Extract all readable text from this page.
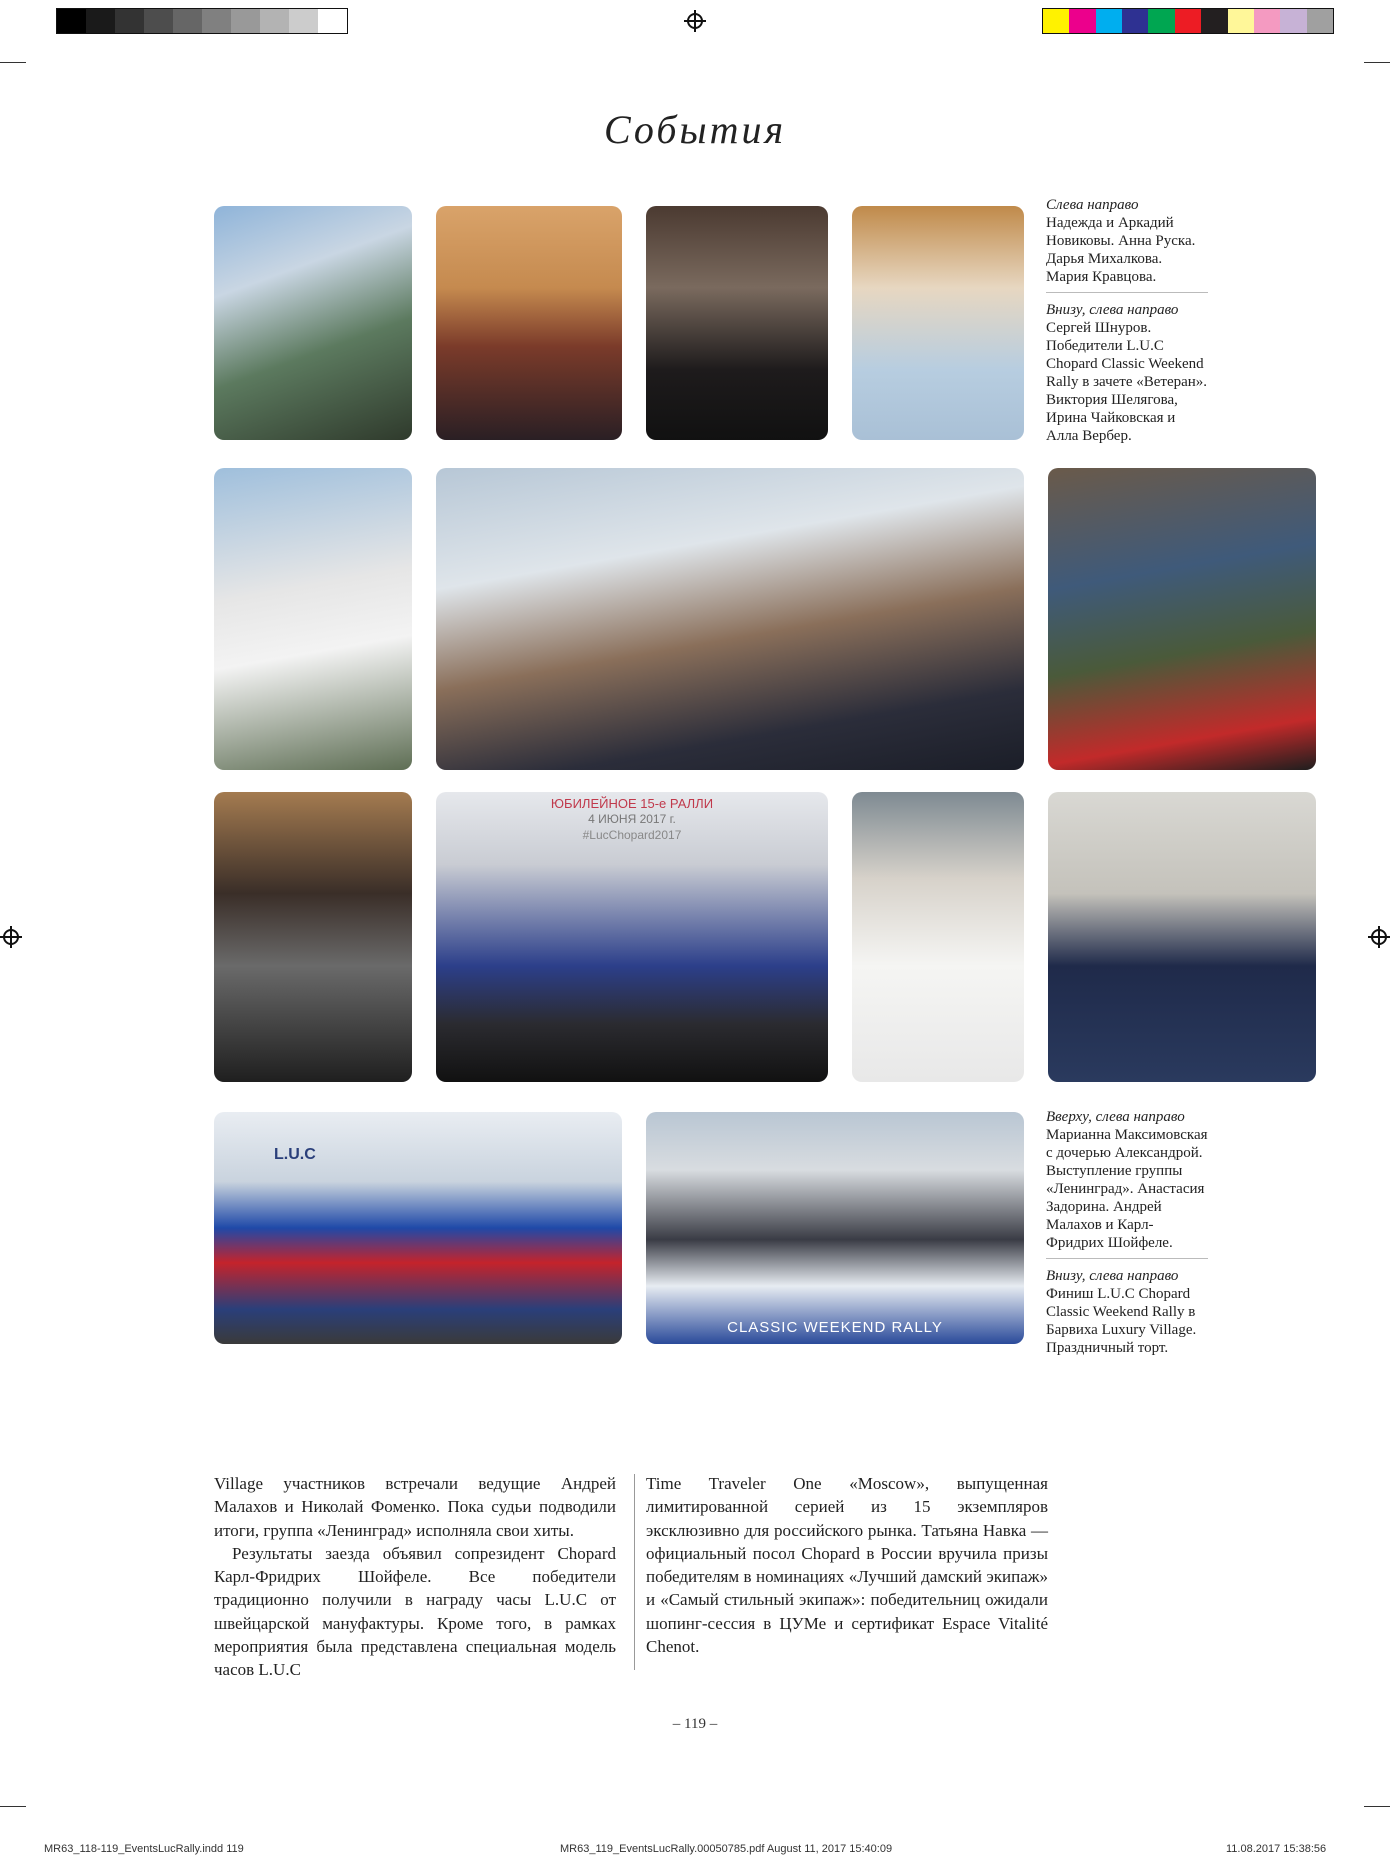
События
ЮБИЛЕЙНОЕ 15-е РАЛЛИ
4 ИЮНЯ 2017 г.
#LucChopard2017
L.U.C
CLASSIC WEEKEND RALLY
Слева направо
Надежда и Аркадий Новиковы. Анна Руска. Дарья Михалкова. Мария Кравцова.
Внизу, слева направо
Сергей Шнуров. Победители L.U.C Chopard Classic Weekend Rally в зачете «Ветеран». Виктория Шелягова, Ирина Чайковская и Алла Вербер.
Вверху, слева направо
Марианна Максимовская с дочерью Александрой. Выступление группы «Ленинград». Анастасия Задорина. Андрей Малахов и Карл-Фридрих Шойфеле.
Внизу, слева направо
Финиш L.U.C Chopard Classic Weekend Rally в Барвиха Luxury Village. Праздничный торт.

Village участников встречали ведущие Андрей Малахов и Николай Фоменко. Пока судьи подводили итоги, группа «Ленинград» исполняла свои хиты.

Результаты заезда объявил сопрезидент Chopard Карл-Фридрих Шойфеле. Все победители традиционно получили в награду часы L.U.C от швейцарской мануфактуры. Кроме того, в рамках мероприятия была представлена специальная модель часов L.U.C

Time Traveler One «Moscow», выпущенная лимитированной серией из 15 экземпляров эксклюзивно для российского рынка. Татьяна Навка — официальный посол Chopard в России вручила призы победителям в номинациях «Лучший дамский экипаж» и «Самый стильный экипаж»: победительниц ожидали шопинг-сессия в ЦУМе и сертификат Espace Vitalité Chenot.

– 119 –
MR63_118-119_EventsLucRally.indd 119	MR63_119_EventsLucRally.00050785.pdf August 11, 2017 15:40:09	11.08.2017 15:38:56
